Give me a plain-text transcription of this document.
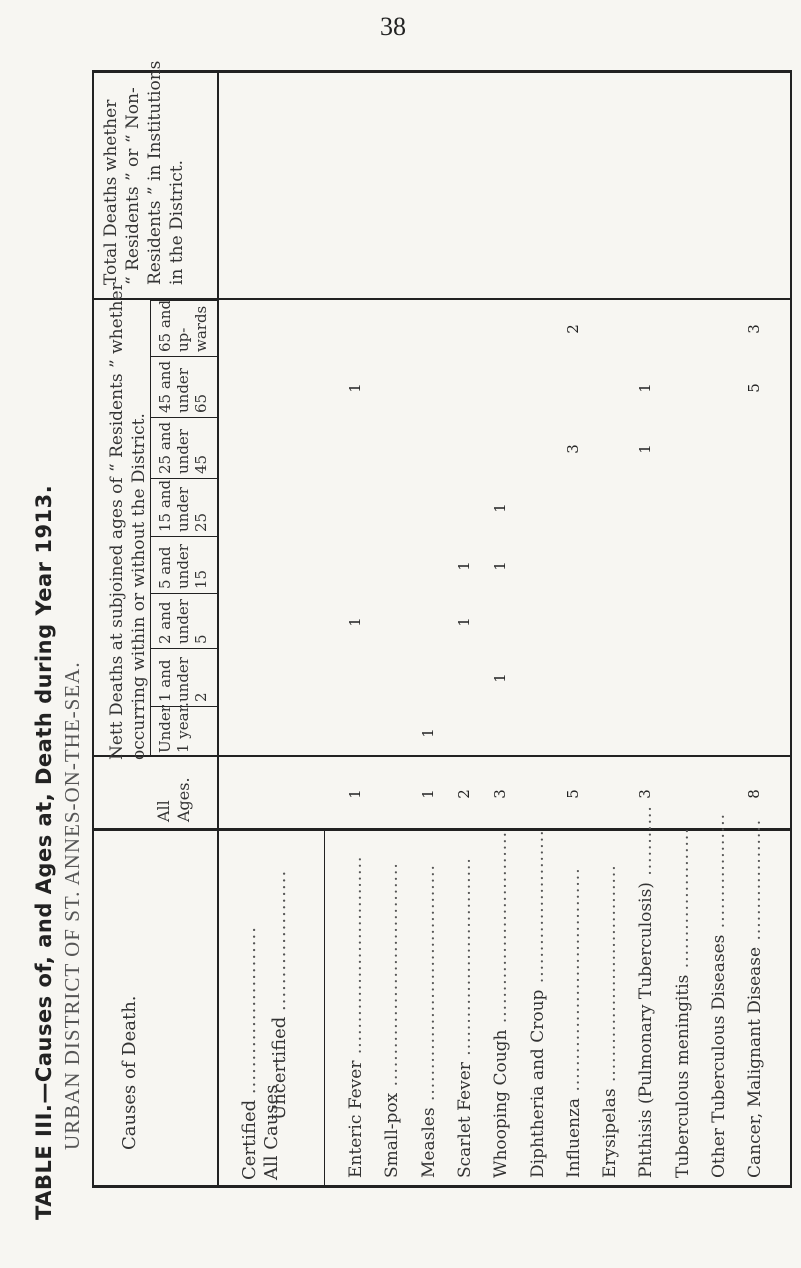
38
TABLE III.—Causes of, and Ages at, Death during Year 1913. URBAN DISTRICT OF ST. ANNES-ON-THE-SEA.
Total Deaths whether “ Residents ” or “ Non- Residents ” in Institutions in the District.
Nett Deaths at subjoined ages of “ Residents ” whether occurring within or without the District.
All Ages.
Causes of Death.	All Causes
Certified ......................... Uncertified .....................
Under 1 year.
1 and under 2
2 and under 5
5 and under 15
15 and under 25
25 and under 45
45 and under 65
65 and up- wards
Enteric Fever ...............................
1
1
1
Small-pox ...................................
Measles .....................................
1
1
Scarlet Fever ...............................
2
1
1
Whooping Cough ..............................
3
1
1
1
Diphtheria and Croup ........................
Influenza ...................................
5
3
2
Erysipelas .................................. Phthisis (Pulmonary Tuberculosis) ...........
3
1
1
Tuberculous meningitis ......................
Other Tuberculous Diseases ..................
Cancer, Malignant Disease ...................
8
5
3
